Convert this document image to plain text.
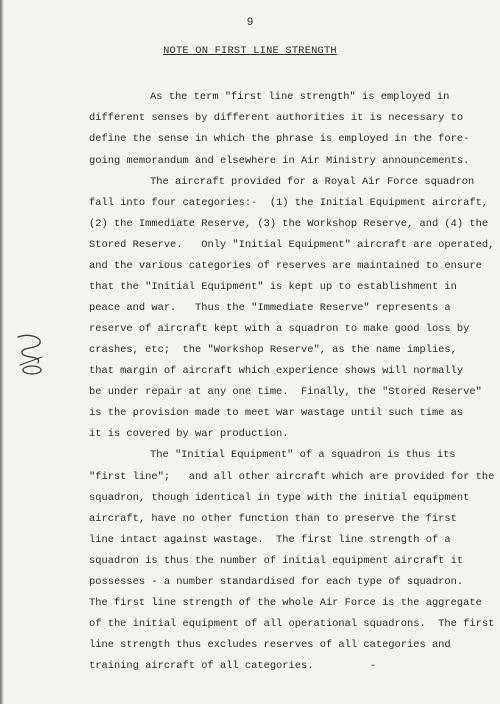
9
NOTE ON FIRST LINE STRENGTH
As the term "first line strength" is employed in
different senses by different authorities it is necessary to
define the sense in which the phrase is employed in the fore-
going memorandum and elsewhere in Air Ministry announcements.
The aircraft provided for a Royal Air Force squadron
fall into four categories:-  (1) the Initial Equipment aircraft,
(2) the Immediate Reserve, (3) the Workshop Reserve, and (4) the
Stored Reserve.   Only "Initial Equipment" aircraft are operated,
and the various categories of reserves are maintained to ensure
that the "Initial Equipment" is kept up to establishment in
peace and war.   Thus the "Immediate Reserve" represents a
reserve of aircraft kept with a squadron to make good loss by
crashes, etc;  the "Workshop Reserve", as the name implies,
that margin of aircraft which experience shows will normally
be under repair at any one time.  Finally, the "Stored Reserve"
is the provision made to meet war wastage until such time as
it is covered by war production.
The "Initial Equipment" of a squadron is thus its
"first line";   and all other aircraft which are provided for the
squadron, though identical in type with the initial equipment
aircraft, have no other function than to preserve the first
line intact against wastage.  The first line strength of a
squadron is thus the number of initial equipment aircraft it
possesses - a number standardised for each type of squadron.
The first line strength of the whole Air Force is the aggregate
of the initial equipment of all operational squadrons.  The first
line strength thus excludes reserves of all categories and
training aircraft of all categories.	-
